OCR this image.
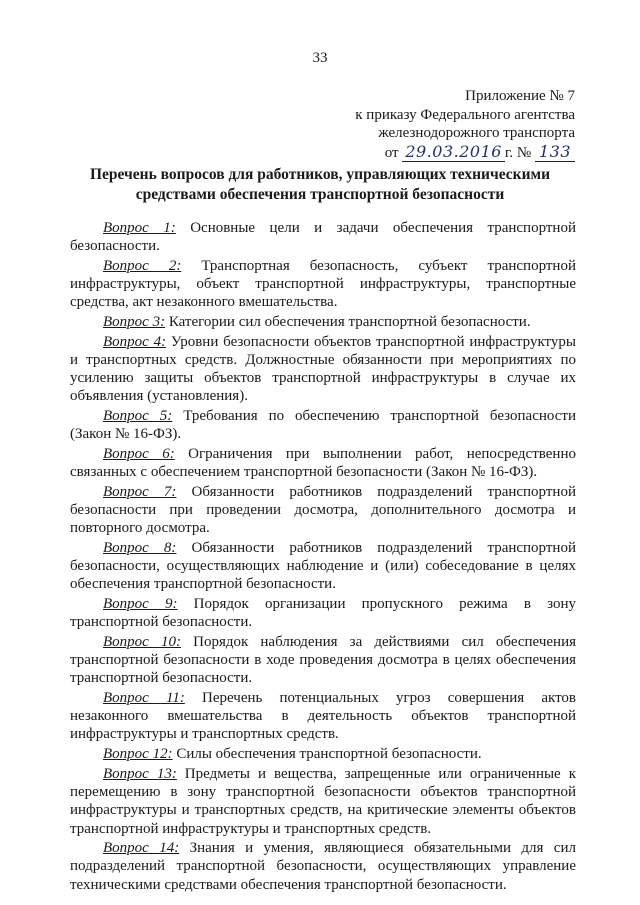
33
Приложение № 7
к приказу Федерального агентства
железнодорожного транспорта
от 29.03.2016 г. № 133
Перечень вопросов для работников, управляющих техническими
средствами обеспечения транспортной безопасности

Вопрос 1: Основные цели и задачи обеспечения транспортной безопасности.

Вопрос 2: Транспортная безопасность, субъект транспортной инфраструктуры, объект транспортной инфраструктуры, транспортные средства, акт незаконного вмешательства.

Вопрос 3: Категории сил обеспечения транспортной безопасности.

Вопрос 4: Уровни безопасности объектов транспортной инфраструктуры и транспортных средств. Должностные обязанности при мероприятиях по усилению защиты объектов транспортной инфраструктуры в случае их объявления (установления).

Вопрос 5: Требования по обеспечению транспортной безопасности (Закон № 16-ФЗ).

Вопрос 6: Ограничения при выполнении работ, непосредственно связанных с обеспечением транспортной безопасности (Закон № 16-ФЗ).

Вопрос 7: Обязанности работников подразделений транспортной безопасности при проведении досмотра, дополнительного досмотра и повторного досмотра.

Вопрос 8: Обязанности работников подразделений транспортной безопасности, осуществляющих наблюдение и (или) собеседование в целях обеспечения транспортной безопасности.

Вопрос 9: Порядок организации пропускного режима в зону транспортной безопасности.

Вопрос 10: Порядок наблюдения за действиями сил обеспечения транспортной безопасности в ходе проведения досмотра в целях обеспечения транспортной безопасности.

Вопрос 11: Перечень потенциальных угроз совершения актов незаконного вмешательства в деятельность объектов транспортной инфраструктуры и транспортных средств.

Вопрос 12: Силы обеспечения транспортной безопасности.

Вопрос 13: Предметы и вещества, запрещенные или ограниченные к перемещению в зону транспортной безопасности объектов транспортной инфраструктуры и транспортных средств, на критические элементы объектов транспортной инфраструктуры и транспортных средств.

Вопрос 14: Знания и умения, являющиеся обязательными для сил подразделений транспортной безопасности, осуществляющих управление техническими средствами обеспечения транспортной безопасности.
